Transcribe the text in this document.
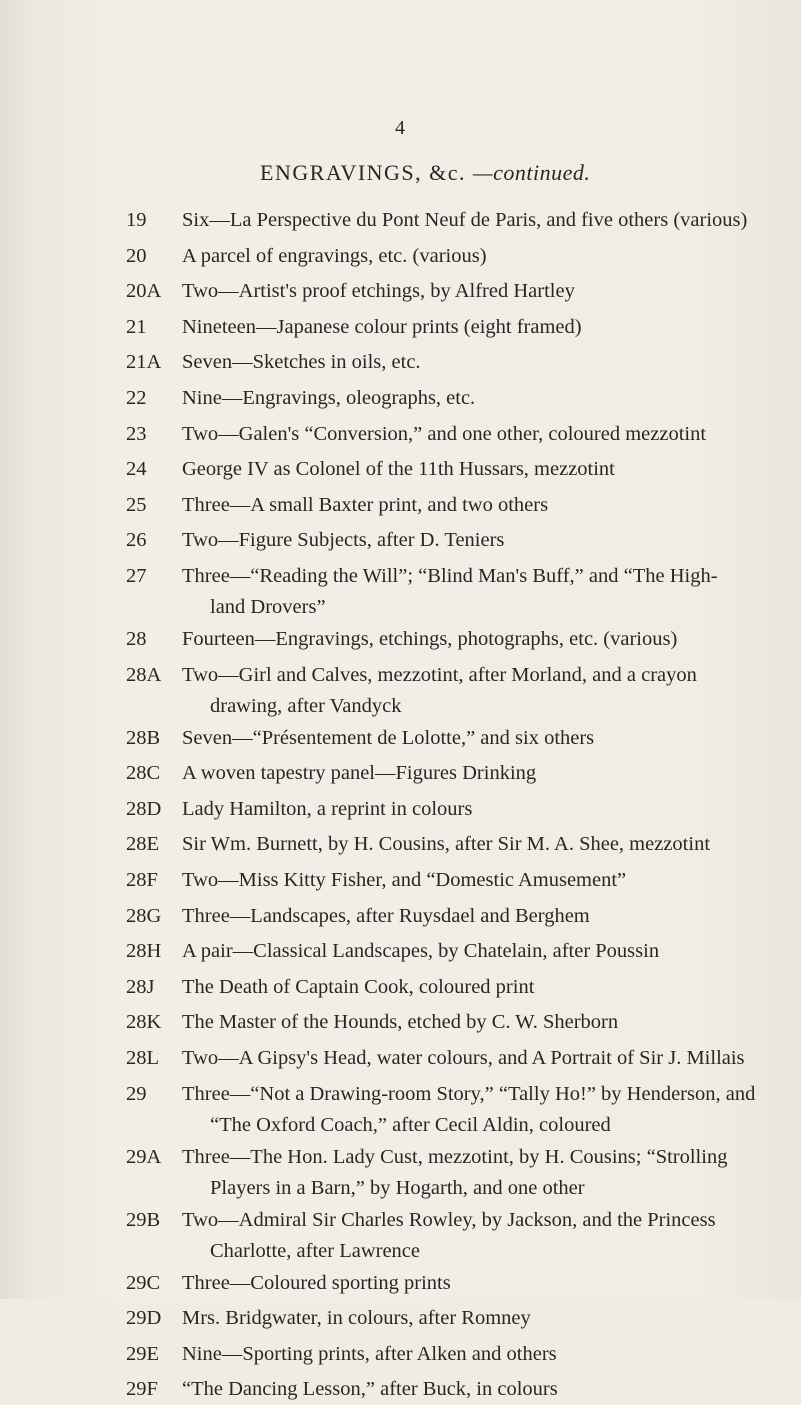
4
ENGRAVINGS, &c. —continued.
19	Six—La Perspective du Pont Neuf de Paris, and five others (various)
20	A parcel of engravings, etc. (various)
20A	Two—Artist's proof etchings, by Alfred Hartley
21	Nineteen—Japanese colour prints (eight framed)
21A	Seven—Sketches in oils, etc.
22	Nine—Engravings, oleographs, etc.
23	Two—Galen's “Conversion,” and one other, coloured mezzotint
24	George IV as Colonel of the 11th Hussars, mezzotint
25	Three—A small Baxter print, and two others
26	Two—Figure Subjects, after D. Teniers
27	Three—“Reading the Will”; “Blind Man's Buff,” and “The High-
land Drovers”
28	Fourteen—Engravings, etchings, photographs, etc. (various)
28A	Two—Girl and Calves, mezzotint, after Morland, and a crayon
drawing, after Vandyck
28B	Seven—“Présentement de Lolotte,” and six others
28C	A woven tapestry panel—Figures Drinking
28D	Lady Hamilton, a reprint in colours
28E	Sir Wm. Burnett, by H. Cousins, after Sir M. A. Shee, mezzotint
28F	Two—Miss Kitty Fisher, and “Domestic Amusement”
28G	Three—Landscapes, after Ruysdael and Berghem
28H	A pair—Classical Landscapes, by Chatelain, after Poussin
28J	The Death of Captain Cook, coloured print
28K	The Master of the Hounds, etched by C. W. Sherborn
28L	Two—A Gipsy's Head, water colours, and A Portrait of Sir J. Millais
29	Three—“Not a Drawing-room Story,” “Tally Ho!” by Henderson, and
“The Oxford Coach,” after Cecil Aldin, coloured
29A	Three—The Hon. Lady Cust, mezzotint, by H. Cousins; “Strolling
Players in a Barn,” by Hogarth, and one other
29B	Two—Admiral Sir Charles Rowley, by Jackson, and the Princess
Charlotte, after Lawrence
29C	Three—Coloured sporting prints
29D	Mrs. Bridgwater, in colours, after Romney
29E	Nine—Sporting prints, after Alken and others
29F	“The Dancing Lesson,” after Buck, in colours
